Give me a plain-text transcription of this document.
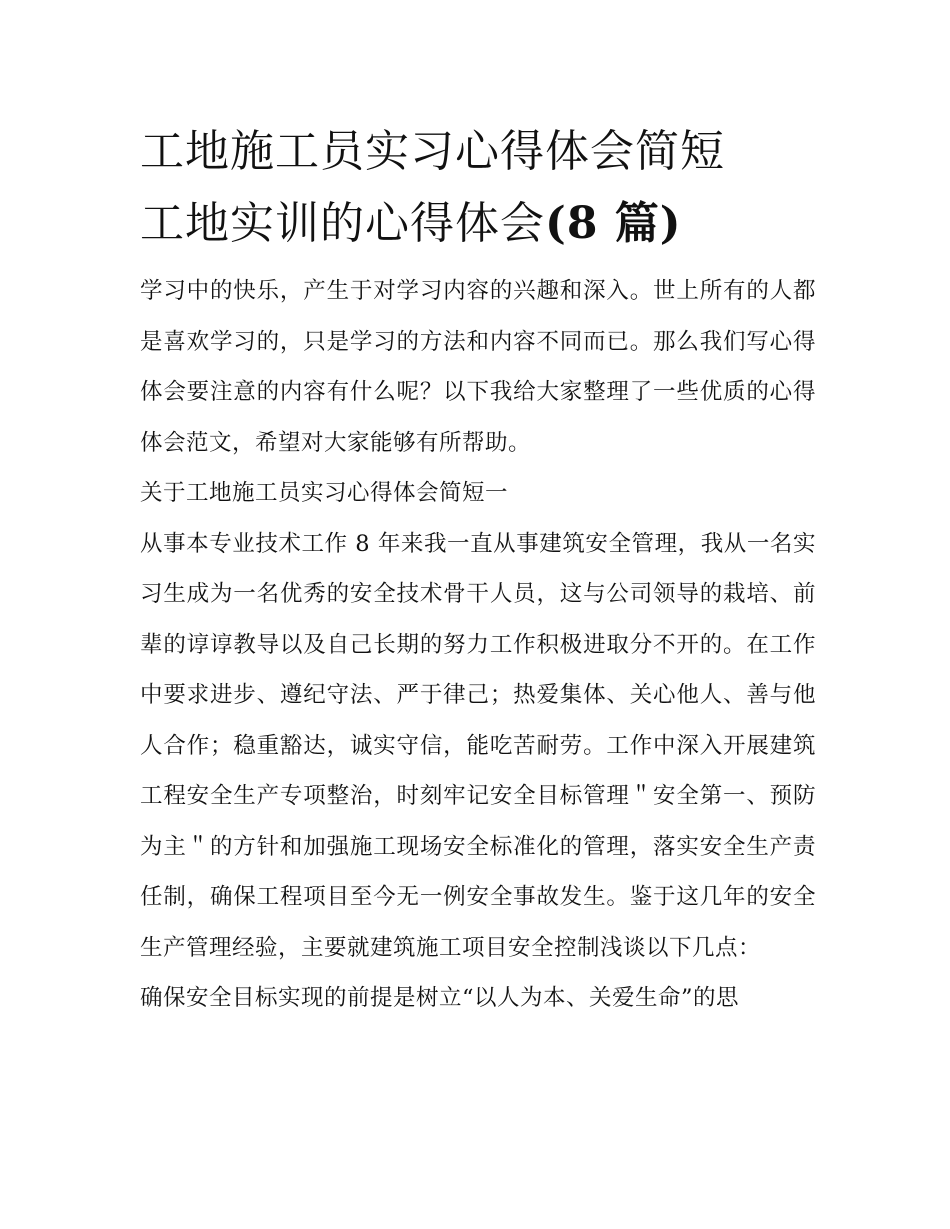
工地施工员实习心得体会简短
工地实训的心得体会(8 篇)

学习中的快乐，产生于对学习内容的兴趣和深入。世上所有的人都是喜欢学习的，只是学习的方法和内容不同而已。那么我们写心得体会要注意的内容有什么呢？以下我给大家整理了一些优质的心得体会范文，希望对大家能够有所帮助。

关于工地施工员实习心得体会简短一

从事本专业技术工作 8 年来我一直从事建筑安全管理，我从一名实习生成为一名优秀的安全技术骨干人员，这与公司领导的栽培、前辈的谆谆教导以及自己长期的努力工作积极进取分不开的。在工作中要求进步、遵纪守法、严于律己；热爱集体、关心他人、善与他人合作；稳重豁达，诚实守信，能吃苦耐劳。工作中深入开展建筑工程安全生产专项整治，时刻牢记安全目标管理＂安全第一、预防为主＂的方针和加强施工现场安全标准化的管理，落实安全生产责任制，确保工程项目至今无一例安全事故发生。鉴于这几年的安全生产管理经验，主要就建筑施工项目安全控制浅谈以下几点：

确保安全目标实现的前提是树立“以人为本、关爱生命”的思
